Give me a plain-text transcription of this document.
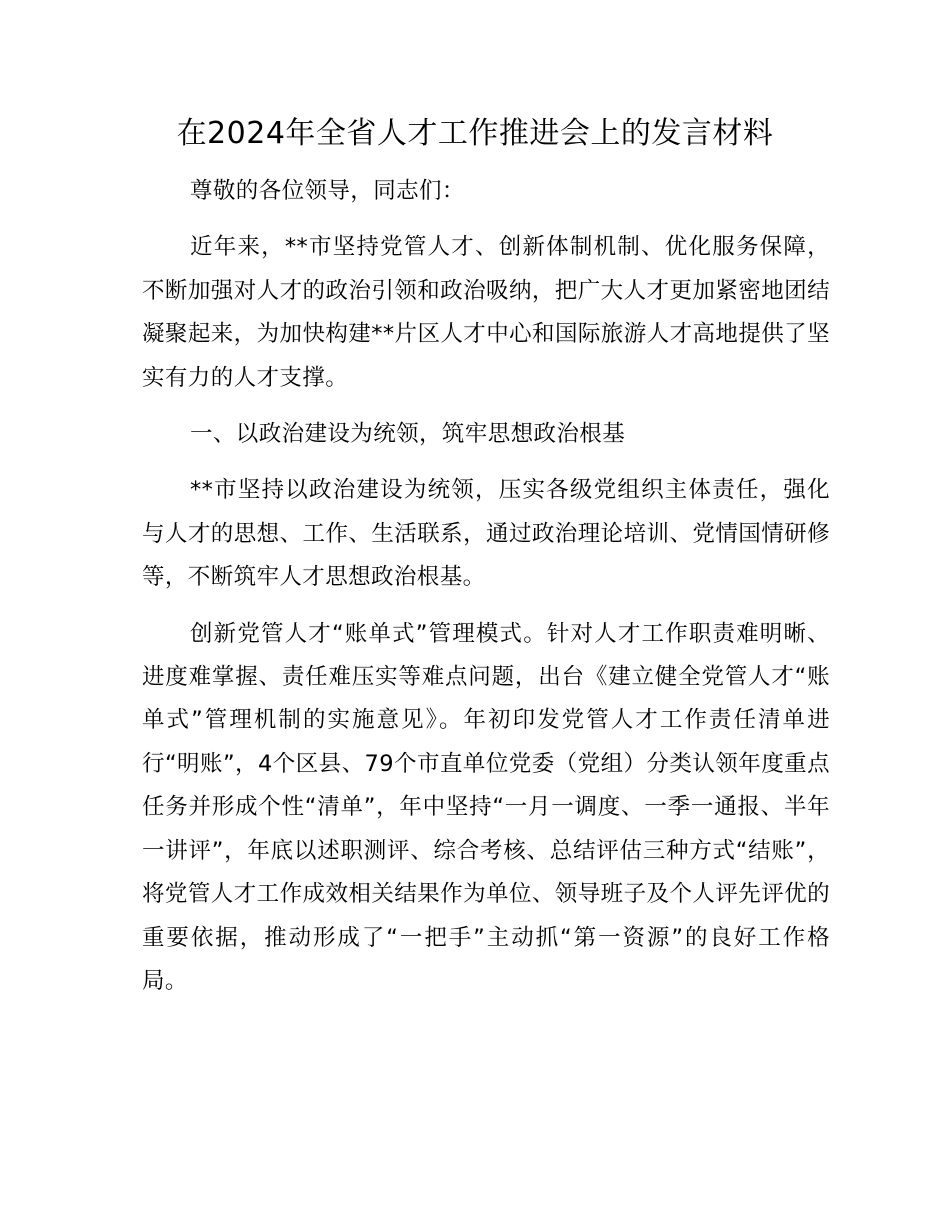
在2024年全省人才工作推进会上的发言材料

尊敬的各位领导，同志们：

近年来，**市坚持党管人才、创新体制机制、优化服务保障，不断加强对人才的政治引领和政治吸纳，把广大人才更加紧密地团结凝聚起来，为加快构建**片区人才中心和国际旅游人才高地提供了坚实有力的人才支撑。

一、以政治建设为统领，筑牢思想政治根基

**市坚持以政治建设为统领，压实各级党组织主体责任，强化与人才的思想、工作、生活联系，通过政治理论培训、党情国情研修等，不断筑牢人才思想政治根基。

创新党管人才“账单式”管理模式。针对人才工作职责难明晰、进度难掌握、责任难压实等难点问题，出台《建立健全党管人才“账单式”管理机制的实施意见》。年初印发党管人才工作责任清单进行“明账”，4个区县、79个市直单位党委（党组）分类认领年度重点任务并形成个性“清单”，年中坚持“一月一调度、一季一通报、半年一讲评”，年底以述职测评、综合考核、总结评估三种方式“结账”，将党管人才工作成效相关结果作为单位、领导班子及个人评先评优的重要依据，推动形成了“一把手”主动抓“第一资源”的良好工作格局。
